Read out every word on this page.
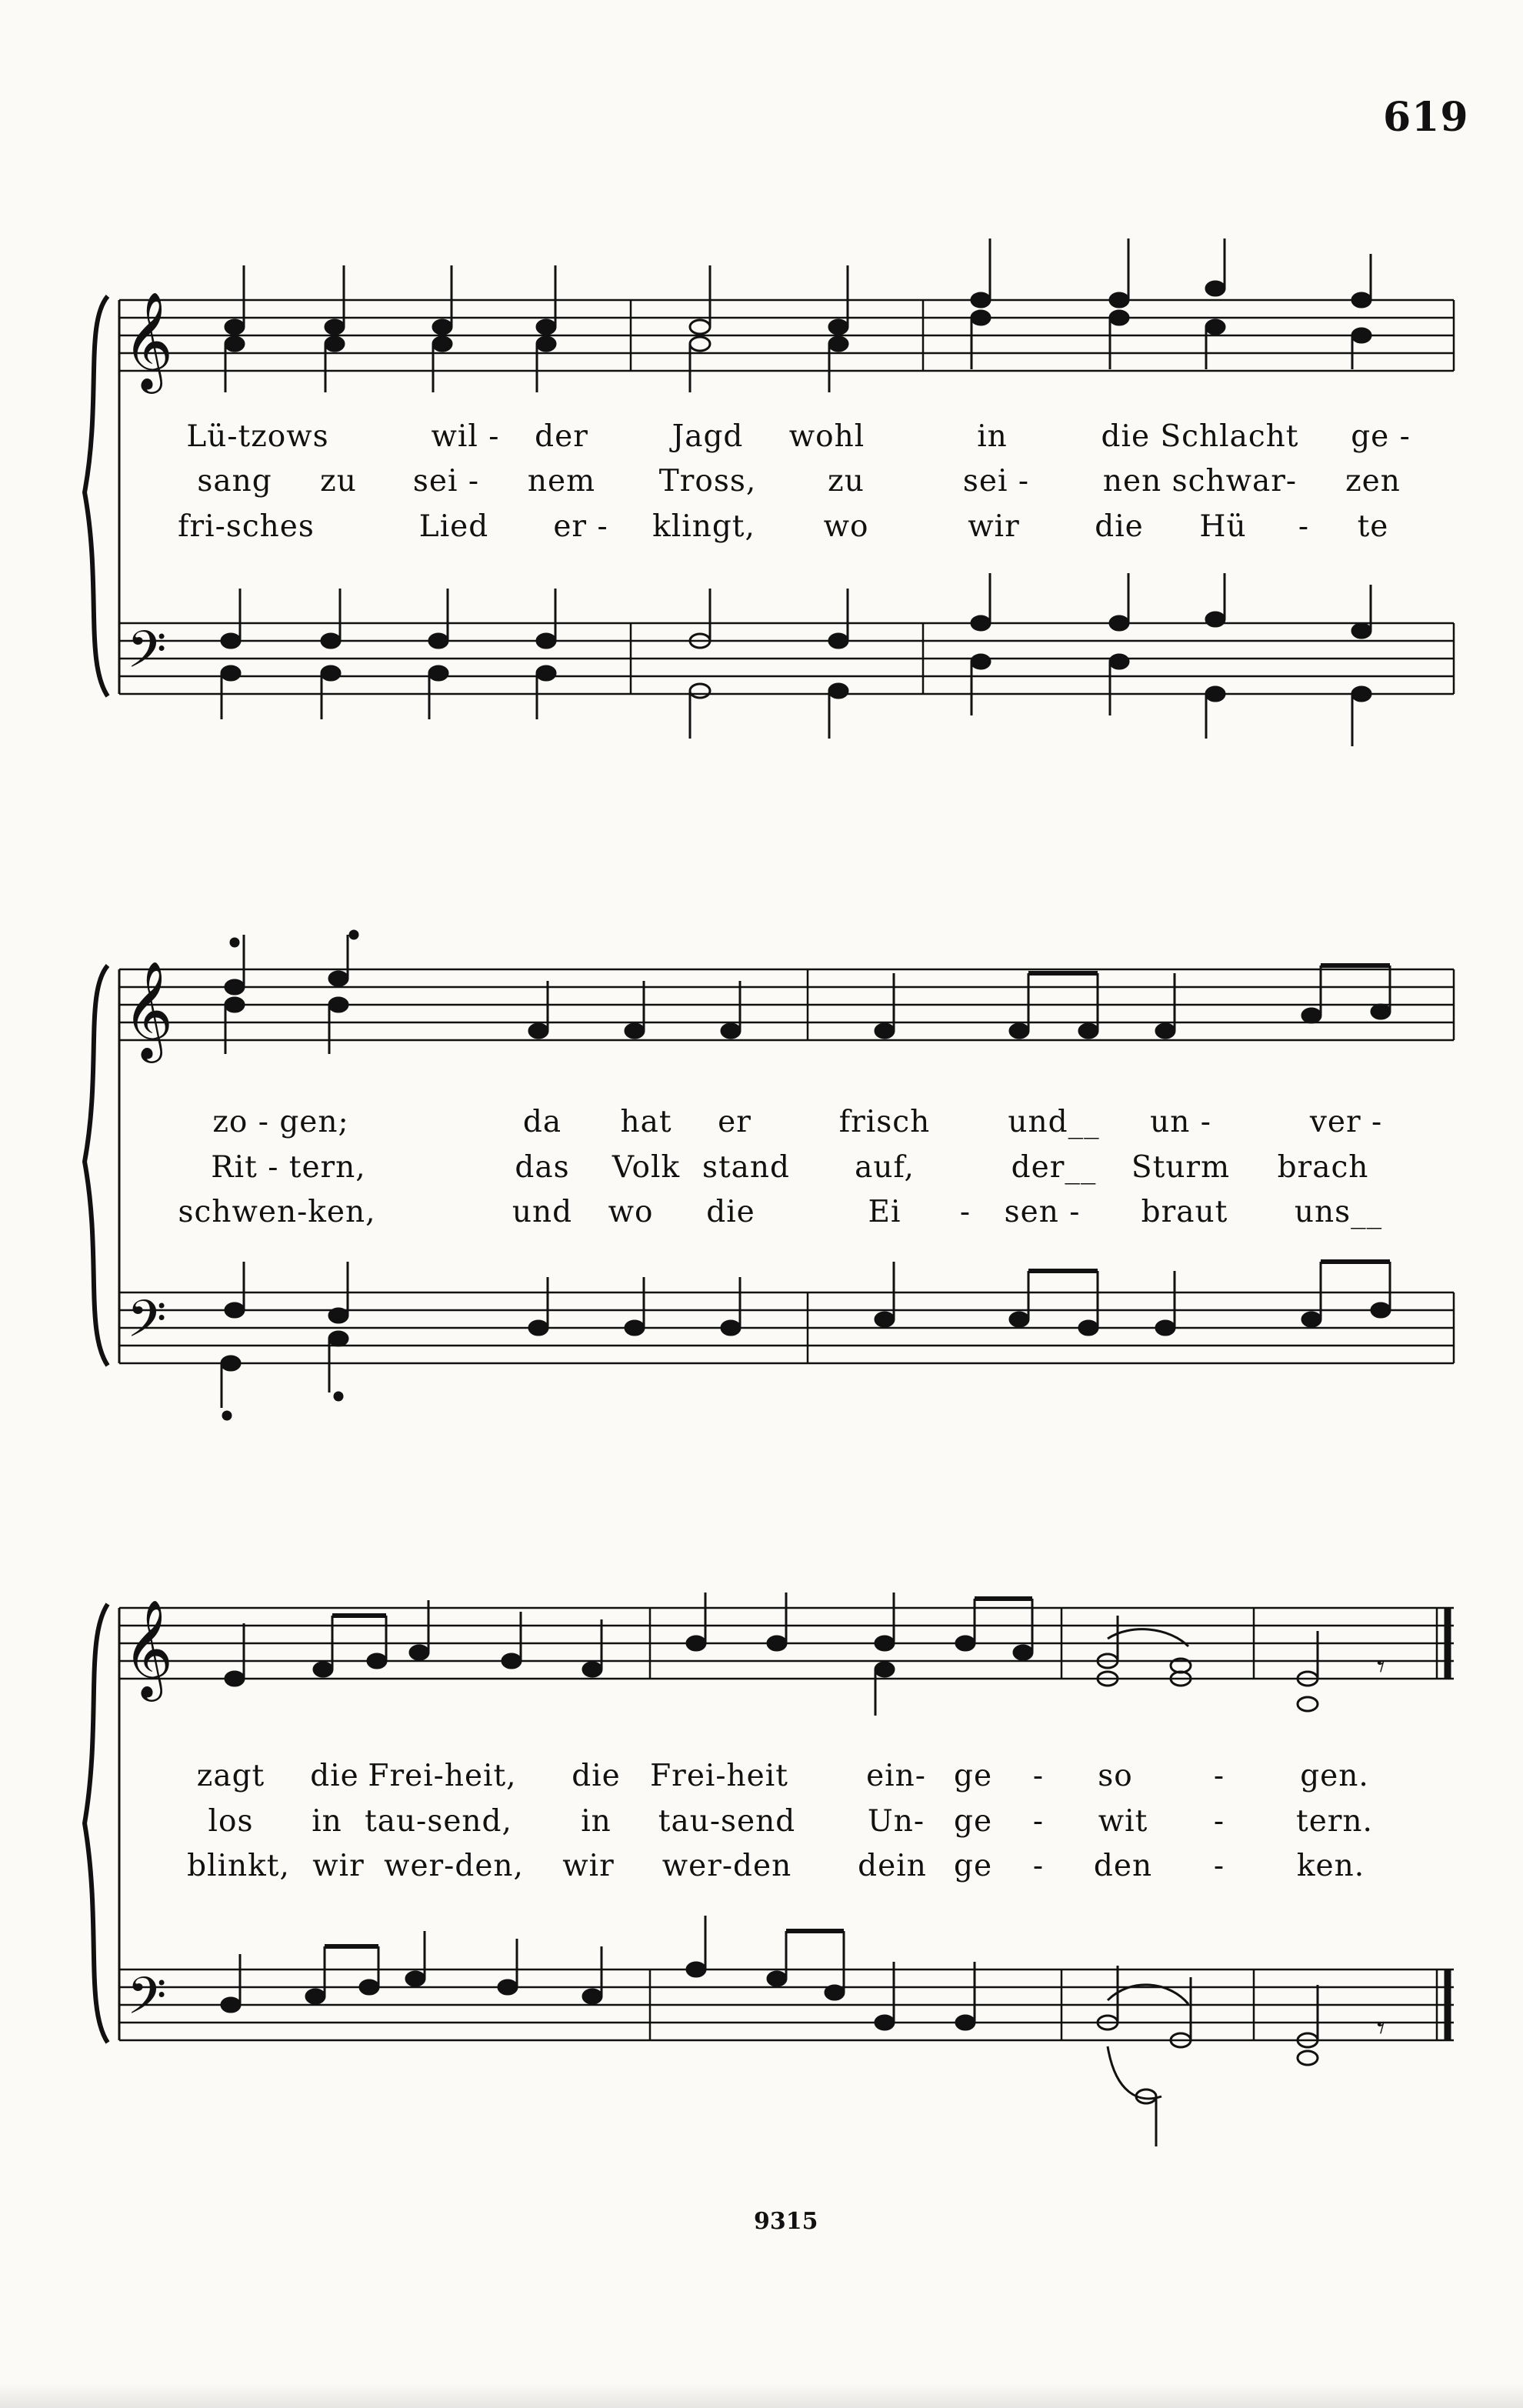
619
𝄞
𝄢
Lü-tzows	wil - der	Jagd wohl	in	die Schlacht ge -
sang zu sei - nem Tross, zu	sei - nen schwar- zen
fri-sches	Lied er - klingt, wo	wir die Hü - te
𝄞
𝄢
zo - gen;	da hat er	frisch	und__ un -	ver -
Rit - tern,	das Volk stand auf,	der__ Sturm brach
schwen-ken,	und wo die	Ei - sen - braut uns__
𝄞
𝄢
𝄾
𝄾
zagt die Frei-heit, die Frei-heit	ein- ge - so	-	gen.
los in tau-send, in tau-send Un- ge - wit - tern.
blinkt, wir wer-den, wir wer-den dein ge - den - ken.
9315
